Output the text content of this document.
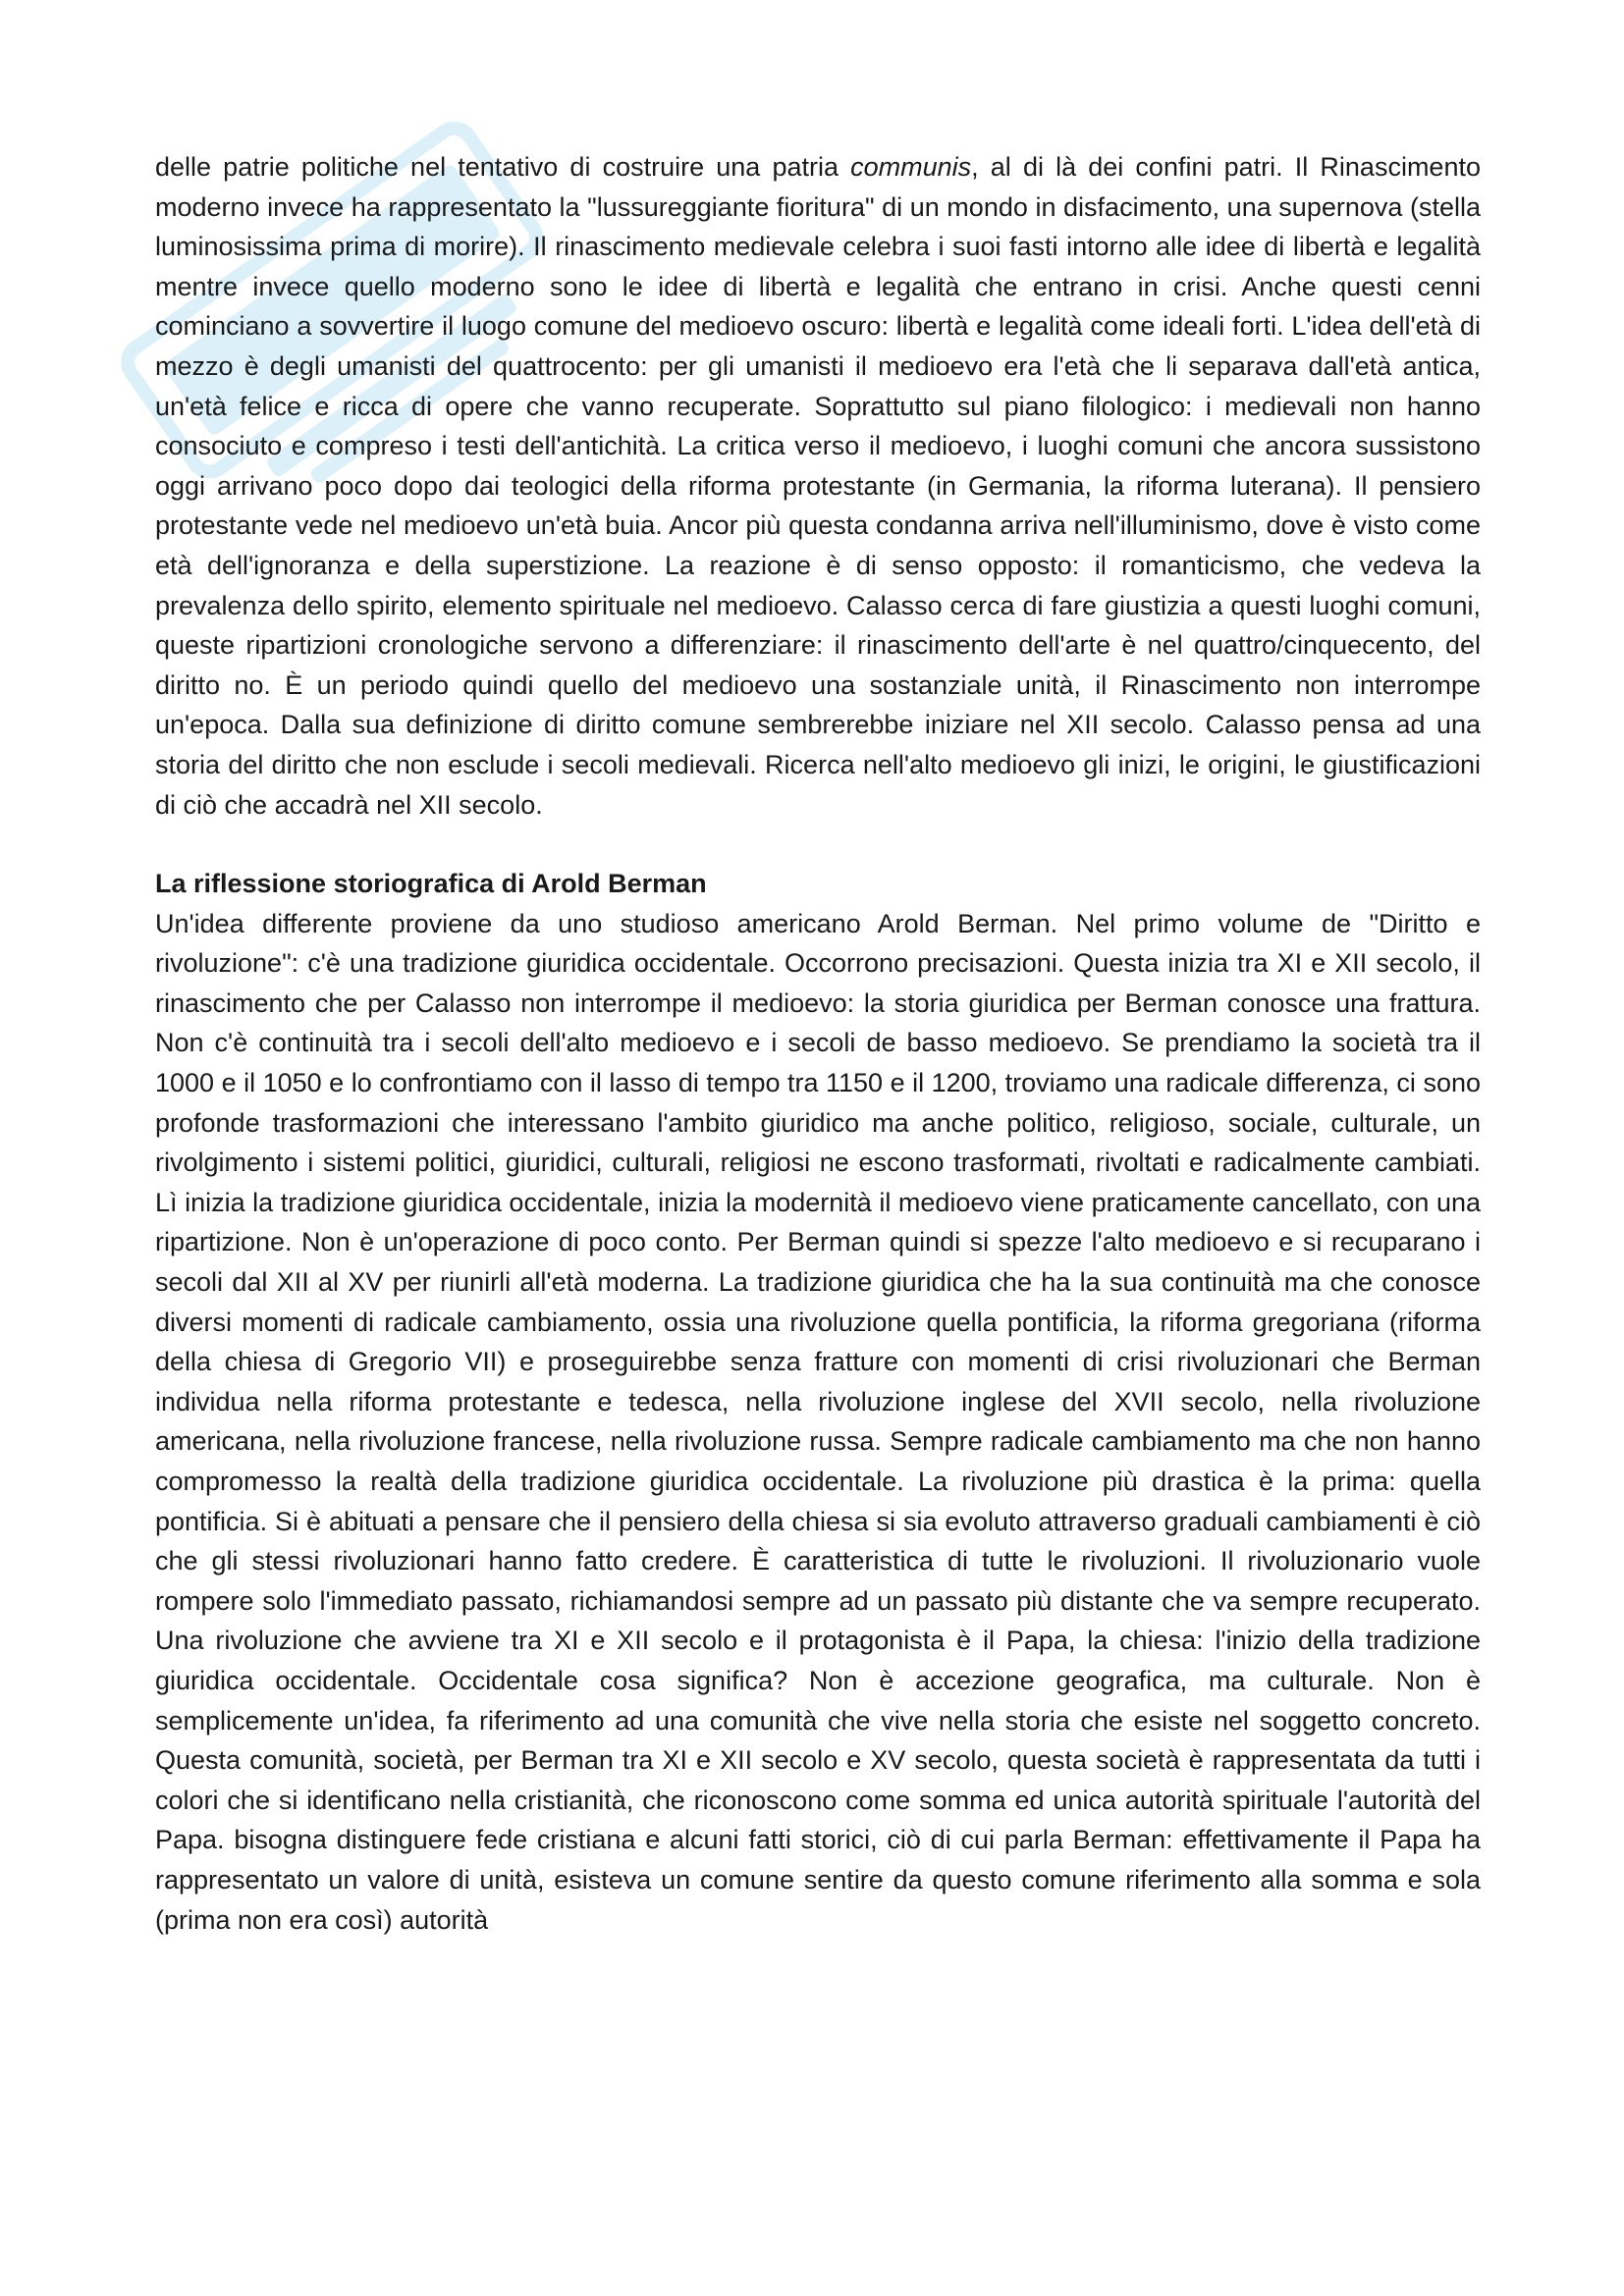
delle patrie politiche nel tentativo di costruire una patria communis, al di là dei confini patri. Il Rinascimento moderno invece ha rappresentato la "lussureggiante fioritura" di un mondo in disfacimento, una supernova (stella luminosissima prima di morire). Il rinascimento medievale celebra i suoi fasti intorno alle idee di libertà e legalità mentre invece quello moderno sono le idee di libertà e legalità che entrano in crisi. Anche questi cenni cominciano a sovvertire il luogo comune del medioevo oscuro: libertà e legalità come ideali forti. L'idea dell'età di mezzo è degli umanisti del quattrocento: per gli umanisti il medioevo era l'età che li separava dall'età antica, un'età felice e ricca di opere che vanno recuperate. Soprattutto sul piano filologico: i medievali non hanno consociuto e compreso i testi dell'antichità. La critica verso il medioevo, i luoghi comuni che ancora sussistono oggi arrivano poco dopo dai teologici della riforma protestante (in Germania, la riforma luterana). Il pensiero protestante vede nel medioevo un'età buia. Ancor più questa condanna arriva nell'illuminismo, dove è visto come età dell'ignoranza e della superstizione. La reazione è di senso opposto: il romanticismo, che vedeva la prevalenza dello spirito, elemento spirituale nel medioevo. Calasso cerca di fare giustizia a questi luoghi comuni, queste ripartizioni cronologiche servono a differenziare: il rinascimento dell'arte è nel quattro/cinquecento, del diritto no. È un periodo quindi quello del medioevo una sostanziale unità, il Rinascimento non interrompe un'epoca. Dalla sua definizione di diritto comune sembrerebbe iniziare nel XII secolo. Calasso pensa ad una storia del diritto che non esclude i secoli medievali. Ricerca nell'alto medioevo gli inizi, le origini, le giustificazioni di ciò che accadrà nel XII secolo.

La riflessione storiografica di Arold Berman

Un'idea differente proviene da uno studioso americano Arold Berman. Nel primo volume de "Diritto e rivoluzione": c'è una tradizione giuridica occidentale. Occorrono precisazioni. Questa inizia tra XI e XII secolo, il rinascimento che per Calasso non interrompe il medioevo: la storia giuridica per Berman conosce una frattura. Non c'è continuità tra i secoli dell'alto medioevo e i secoli de basso medioevo. Se prendiamo la società tra il 1000 e il 1050 e lo confrontiamo con il lasso di tempo tra 1150 e il 1200, troviamo una radicale differenza, ci sono profonde trasformazioni che interessano l'ambito giuridico ma anche politico, religioso, sociale, culturale, un rivolgimento i sistemi politici, giuridici, culturali, religiosi ne escono trasformati, rivoltati e radicalmente cambiati. Lì inizia la tradizione giuridica occidentale, inizia la modernità il medioevo viene praticamente cancellato, con una ripartizione. Non è un'operazione di poco conto. Per Berman quindi si spezze l'alto medioevo e si recuparano i secoli dal XII al XV per riunirli all'età moderna. La tradizione giuridica che ha la sua continuità ma che conosce diversi momenti di radicale cambiamento, ossia una rivoluzione quella pontificia, la riforma gregoriana (riforma della chiesa di Gregorio VII) e proseguirebbe senza fratture con momenti di crisi rivoluzionari che Berman individua nella riforma protestante e tedesca, nella rivoluzione inglese del XVII secolo, nella rivoluzione americana, nella rivoluzione francese, nella rivoluzione russa. Sempre radicale cambiamento ma che non hanno compromesso la realtà della tradizione giuridica occidentale. La rivoluzione più drastica è la prima: quella pontificia. Si è abituati a pensare che il pensiero della chiesa si sia evoluto attraverso graduali cambiamenti è ciò che gli stessi rivoluzionari hanno fatto credere. È caratteristica di tutte le rivoluzioni. Il rivoluzionario vuole rompere solo l'immediato passato, richiamandosi sempre ad un passato più distante che va sempre recuperato. Una rivoluzione che avviene tra XI e XII secolo e il protagonista è il Papa, la chiesa: l'inizio della tradizione giuridica occidentale. Occidentale cosa significa? Non è accezione geografica, ma culturale. Non è semplicemente un'idea, fa riferimento ad una comunità che vive nella storia che esiste nel soggetto concreto. Questa comunità, società, per Berman tra XI e XII secolo e XV secolo, questa società è rappresentata da tutti i colori che si identificano nella cristianità, che riconoscono come somma ed unica autorità spirituale l'autorità del Papa. bisogna distinguere fede cristiana e alcuni fatti storici, ciò di cui parla Berman: effettivamente il Papa ha rappresentato un valore di unità, esisteva un comune sentire da questo comune riferimento alla somma e sola (prima non era così) autorità
